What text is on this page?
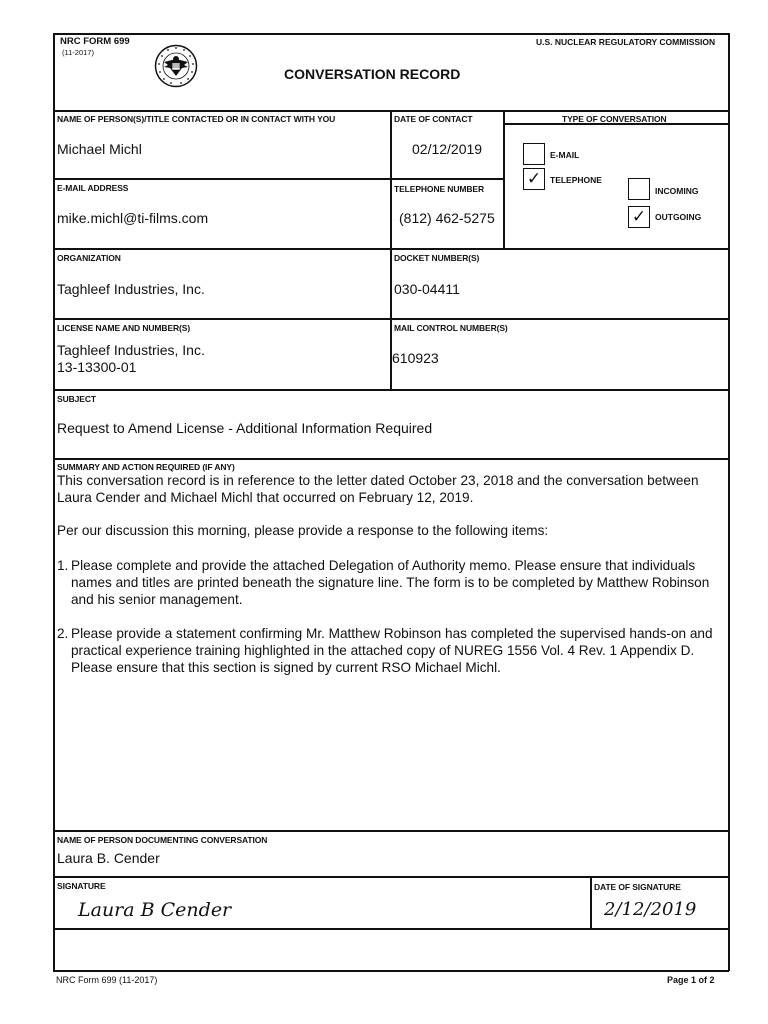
NRC FORM 699
(11-2017)
U.S. NUCLEAR REGULATORY COMMISSION
CONVERSATION RECORD
NAME OF PERSON(S)/TITLE CONTACTED OR IN CONTACT WITH YOU
Michael Michl
DATE OF CONTACT
02/12/2019
TYPE OF CONVERSATION
E-MAIL
✓	TELEPHONE
INCOMING
✓	OUTGOING
E-MAIL ADDRESS
mike.michl@ti-films.com
TELEPHONE NUMBER
(812) 462-5275
ORGANIZATION
Taghleef Industries, Inc.
DOCKET NUMBER(S)
030-04411
LICENSE NAME AND NUMBER(S)
Taghleef Industries, Inc.
13-13300-01
MAIL CONTROL NUMBER(S)
610923
SUBJECT
Request to Amend License - Additional Information Required
SUMMARY AND ACTION REQUIRED (IF ANY)
This conversation record is in reference to the letter dated October 23, 2018 and the conversation between Laura Cender and Michael Michl that occurred on February 12, 2019.
Per our discussion this morning, please provide a response to the following items:
1. Please complete and provide the attached Delegation of Authority memo. Please ensure that individuals names and titles are printed beneath the signature line. The form is to be completed by Matthew Robinson and his senior management.
2. Please provide a statement confirming Mr. Matthew Robinson has completed the supervised hands-on and practical experience training highlighted in the attached copy of NUREG 1556 Vol. 4 Rev. 1 Appendix D. Please ensure that this section is signed by current RSO Michael Michl.
NAME OF PERSON DOCUMENTING CONVERSATION
Laura B. Cender
SIGNATURE
Laura B Cender
DATE OF SIGNATURE
2/12/2019
NRC Form 699 (11-2017)	Page 1 of 2
